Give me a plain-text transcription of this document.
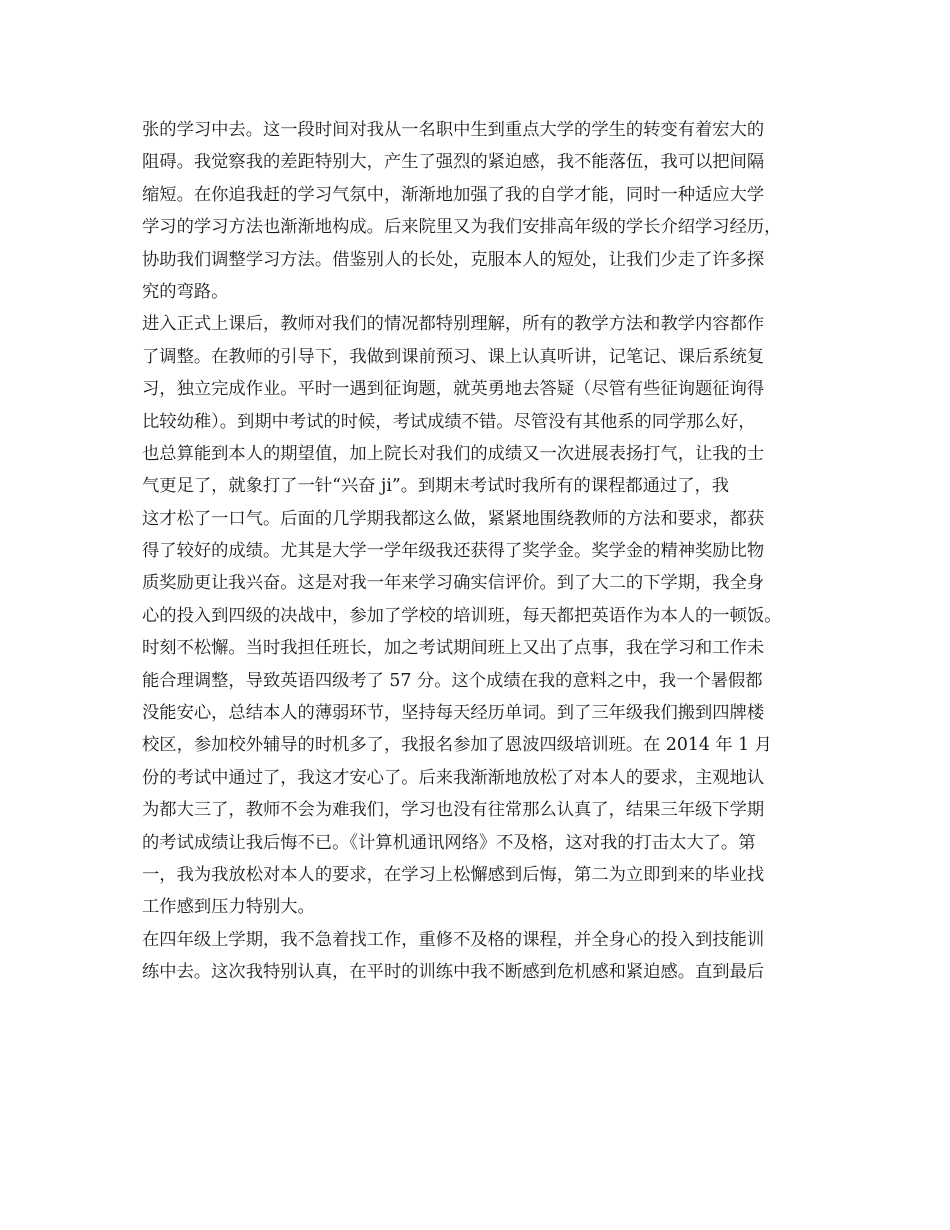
张的学习中去。这一段时间对我从一名职中生到重点大学的学生的转变有着宏大的
阻碍。我觉察我的差距特别大，产生了强烈的紧迫感，我不能落伍，我可以把间隔
缩短。在你追我赶的学习气氛中，渐渐地加强了我的自学才能，同时一种适应大学
学习的学习方法也渐渐地构成。后来院里又为我们安排高年级的学长介绍学习经历，
协助我们调整学习方法。借鉴别人的长处，克服本人的短处，让我们少走了许多探
究的弯路。
进入正式上课后，教师对我们的情况都特别理解，所有的教学方法和教学内容都作
了调整。在教师的引导下，我做到课前预习、课上认真听讲，记笔记、课后系统复
习，独立完成作业。平时一遇到征询题，就英勇地去答疑（尽管有些征询题征询得
比较幼稚）。到期中考试的时候，考试成绩不错。尽管没有其他系的同学那么好，
也总算能到本人的期望值，加上院长对我们的成绩又一次进展表扬打气，让我的士
气更足了，就象打了一针“兴奋 ji”。到期末考试时我所有的课程都通过了，我
这才松了一口气。后面的几学期我都这么做，紧紧地围绕教师的方法和要求，都获
得了较好的成绩。尤其是大学一学年级我还获得了奖学金。奖学金的精神奖励比物
质奖励更让我兴奋。这是对我一年来学习确实信评价。到了大二的下学期，我全身
心的投入到四级的决战中，参加了学校的培训班，每天都把英语作为本人的一顿饭。
时刻不松懈。当时我担任班长，加之考试期间班上又出了点事，我在学习和工作未
能合理调整，导致英语四级考了 57 分。这个成绩在我的意料之中，我一个暑假都
没能安心，总结本人的薄弱环节，坚持每天经历单词。到了三年级我们搬到四牌楼
校区，参加校外辅导的时机多了，我报名参加了恩波四级培训班。在 2014 年 1 月
份的考试中通过了，我这才安心了。后来我渐渐地放松了对本人的要求，主观地认
为都大三了，教师不会为难我们，学习也没有往常那么认真了，结果三年级下学期
的考试成绩让我后悔不已。《计算机通讯网络》不及格，这对我的打击太大了。第
一，我为我放松对本人的要求，在学习上松懈感到后悔，第二为立即到来的毕业找
工作感到压力特别大。
在四年级上学期，我不急着找工作，重修不及格的课程，并全身心的投入到技能训
练中去。这次我特别认真，在平时的训练中我不断感到危机感和紧迫感。直到最后
